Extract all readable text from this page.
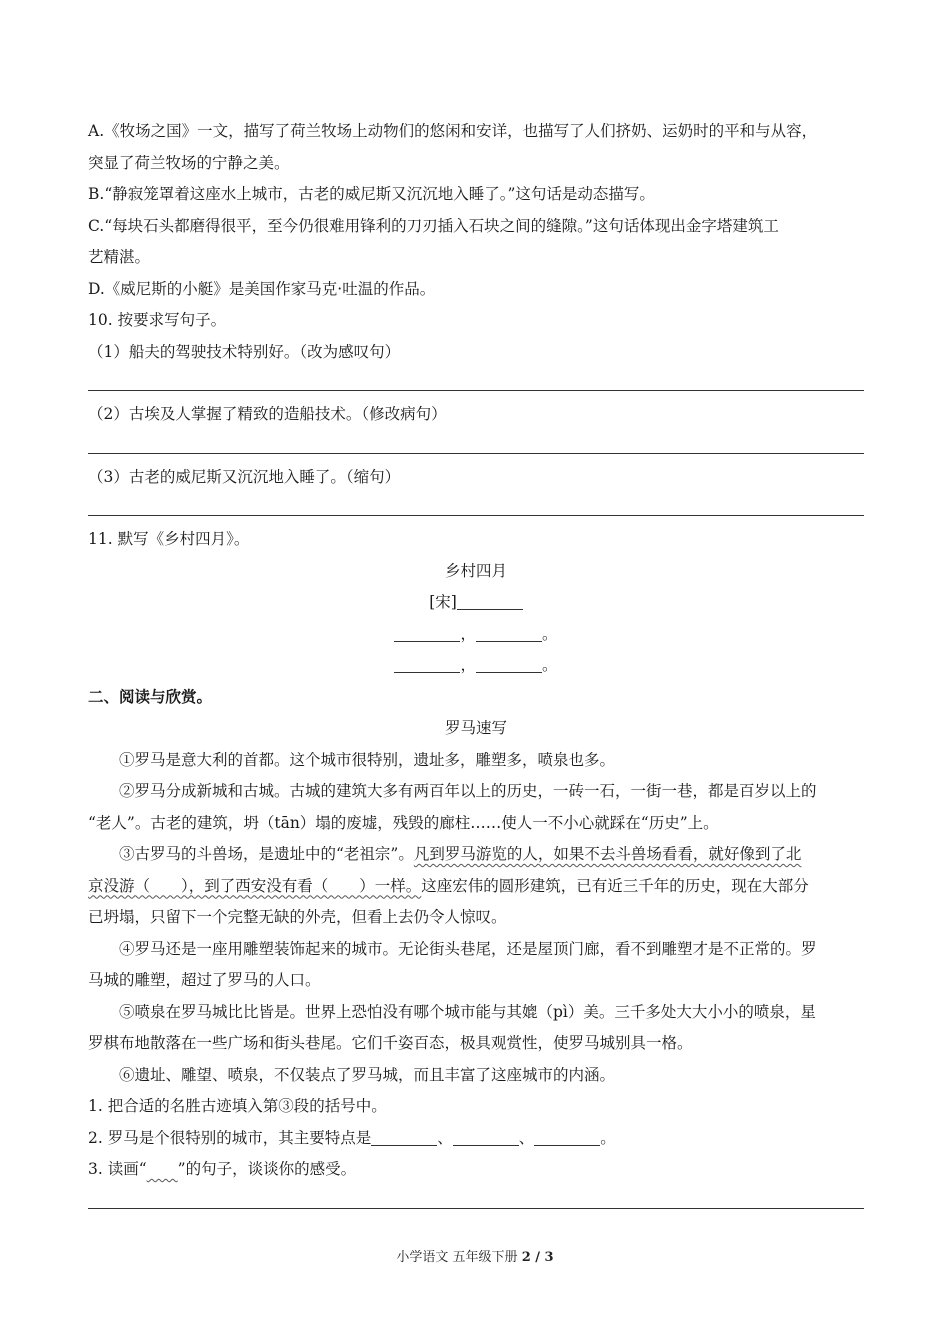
A.《牧场之国》一文，描写了荷兰牧场上动物们的悠闲和安详，也描写了人们挤奶、运奶时的平和与从容，
突显了荷兰牧场的宁静之美。
B.“静寂笼罩着这座水上城市，古老的威尼斯又沉沉地入睡了。”这句话是动态描写。
C.“每块石头都磨得很平，至今仍很难用锋利的刀刃插入石块之间的缝隙。”这句话体现出金字塔建筑工
艺精湛。
D.《威尼斯的小艇》是美国作家马克·吐温的作品。
10. 按要求写句子。
（1）船夫的驾驶技术特别好。（改为感叹句）
（2）古埃及人掌握了精致的造船技术。（修改病句）
（3）古老的威尼斯又沉沉地入睡了。（缩句）
11. 默写《乡村四月》。
乡村四月
[宋]
，	。
，	。
二、阅读与欣赏。
罗马速写
①罗马是意大利的首都。这个城市很特别，遗址多，雕塑多，喷泉也多。
②罗马分成新城和古城。古城的建筑大多有两百年以上的历史，一砖一石，一街一巷，都是百岁以上的
“老人”。古老的建筑，坍（tān）塌的废墟，残毁的廊柱……使人一不小心就踩在“历史”上。
③古罗马的斗兽场，是遗址中的“老祖宗”。凡到罗马游览的人，如果不去斗兽场看看，就好像到了北
京没游（　　），到了西安没有看（　　）一样。这座宏伟的圆形建筑，已有近三千年的历史，现在大部分
已坍塌，只留下一个完整无缺的外壳，但看上去仍令人惊叹。
④罗马还是一座用雕塑装饰起来的城市。无论街头巷尾，还是屋顶门廊，看不到雕塑才是不正常的。罗
马城的雕塑，超过了罗马的人口。
⑤喷泉在罗马城比比皆是。世界上恐怕没有哪个城市能与其媲（pì）美。三千多处大大小小的喷泉，星
罗棋布地散落在一些广场和街头巷尾。它们千姿百态，极具观赏性，使罗马城别具一格。
⑥遗址、雕望、喷泉，不仅装点了罗马城，而且丰富了这座城市的内涵。
1. 把合适的名胜古迹填入第③段的括号中。
2. 罗马是个很特别的城市，其主要特点是	、	、	。
3. 读画“　　 ”的句子，谈谈你的感受。
小学语文 五年级下册 2 / 3
